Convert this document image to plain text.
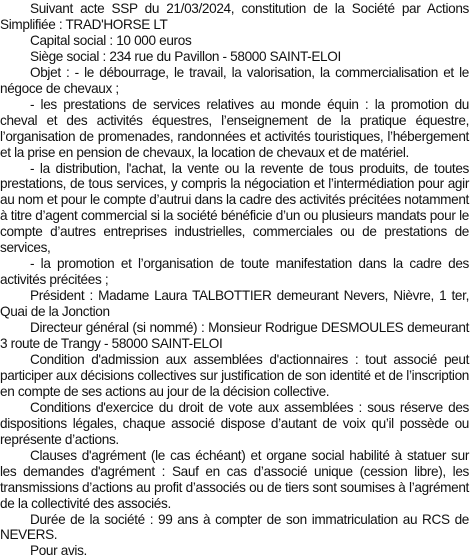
Suivant acte SSP du 21/03/2024, constitution de la Société par Actions Simplifiée : TRAD'HORSE LT

Capital social : 10 000 euros

Siège social : 234 rue du Pavillon - 58000 SAINT-ELOI

Objet : - le débourrage, le travail, la valorisation, la commercialisation et le négoce de chevaux ;

- les prestations de services relatives au monde équin : la promotion du cheval et des activités équestres, l’enseignement de la pratique équestre, l’organisation de promenades, randonnées et activités touristiques, l’hébergement et la prise en pension de chevaux, la location de chevaux et de matériel.

- la distribution, l'achat, la vente ou la revente de tous produits, de toutes prestations, de tous services, y compris la négociation et l’intermédiation pour agir au nom et pour le compte d’autrui dans la cadre des activités précitées notamment à titre d’agent commercial si la société bénéficie d’un ou plusieurs mandats pour le compte d’autres entreprises industrielles, commerciales ou de prestations de services,

- la promotion et l’organisation de toute manifestation dans la cadre des activités précitées ;

Président : Madame Laura TALBOTTIER demeurant Nevers, Nièvre, 1 ter, Quai de la Jonction

Directeur général (si nommé) : Monsieur Rodrigue DESMOULES demeurant 3 route de Trangy - 58000 SAINT-ELOI

Condition d'admission aux assemblées d'actionnaires : tout associé peut participer aux décisions collectives sur justification de son identité et de l’inscription en compte de ses actions au jour de la décision collective.

Conditions d'exercice du droit de vote aux assemblées : sous réserve des dispositions légales, chaque associé dispose d’autant de voix qu’il possède ou représente d’actions.

Clauses d'agrément (le cas échéant) et organe social habilité à statuer sur les demandes d'agrément : Sauf en cas d’associé unique (cession libre), les transmissions d’actions au profit d’associés ou de tiers sont soumises à l’agrément de la collectivité des associés.

Durée de la société : 99 ans à compter de son immatriculation au RCS de NEVERS.

Pour avis.
